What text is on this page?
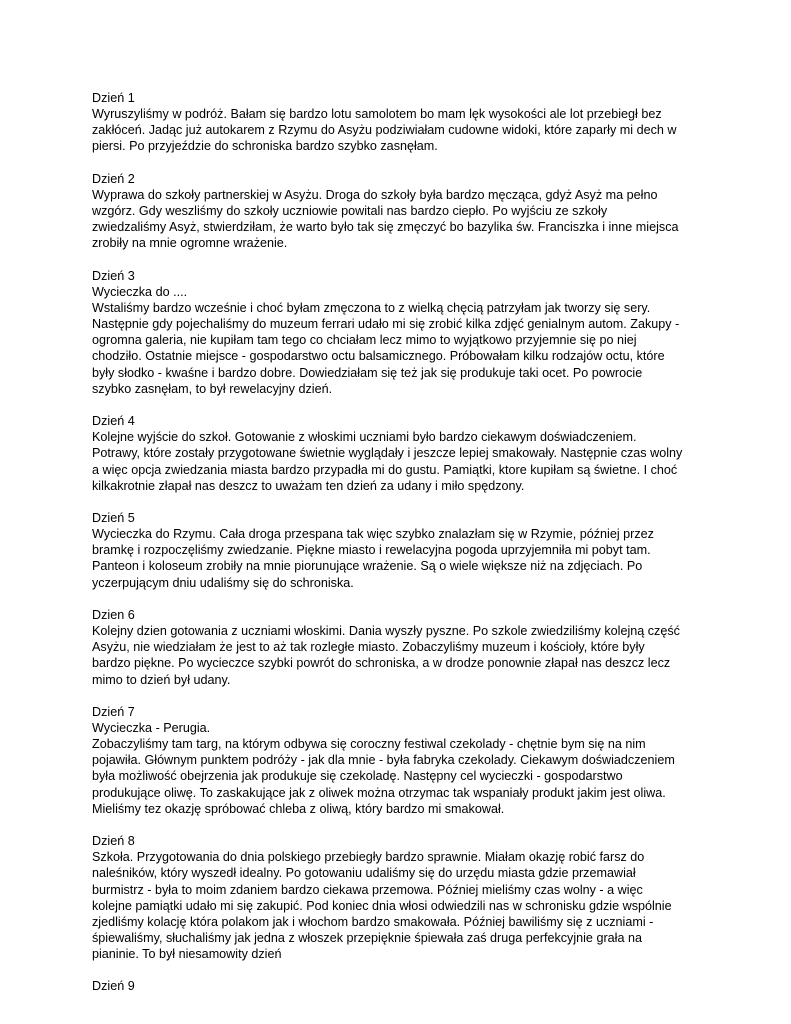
Dzień 1
Wyruszyliśmy w podróż. Bałam się bardzo lotu samolotem bo mam lęk wysokości ale lot przebiegł bez
zakłóceń. Jadąc już autokarem z Rzymu do Asyżu podziwiałam cudowne widoki, które zaparły mi dech w
piersi. Po przyjeździe do schroniska bardzo szybko zasnęłam.
Dzień 2
Wyprawa do szkoły partnerskiej w Asyżu. Droga do szkoły była bardzo męcząca, gdyż Asyż ma pełno
wzgórz. Gdy weszliśmy do szkoły uczniowie powitali nas bardzo ciepło. Po wyjściu ze szkoły
zwiedzaliśmy Asyż, stwierdziłam, że warto było tak się zmęczyć bo bazylika św. Franciszka i inne miejsca
zrobiły na mnie ogromne wrażenie.
Dzień 3
Wycieczka do ....
Wstaliśmy bardzo wcześnie i choć byłam zmęczona to z wielką chęcią patrzyłam jak tworzy się sery.
Następnie gdy pojechaliśmy do muzeum ferrari udało mi się zrobić kilka zdjęć genialnym autom. Zakupy -
ogromna galeria, nie kupiłam tam tego co chciałam lecz mimo to wyjątkowo przyjemnie się po niej
chodziło. Ostatnie miejsce - gospodarstwo octu balsamicznego. Próbowałam kilku rodzajów octu, które
były słodko - kwaśne i bardzo dobre. Dowiedziałam się też jak się produkuje taki ocet. Po powrocie
szybko zasnęłam, to był rewelacyjny dzień.
Dzień 4
Kolejne wyjście do szkoł. Gotowanie z włoskimi uczniami było bardzo ciekawym doświadczeniem.
Potrawy, które zostały przygotowane świetnie wyglądały i jeszcze lepiej smakowały. Następnie czas wolny
a więc opcja zwiedzania miasta bardzo przypadła mi do gustu. Pamiątki, ktore kupiłam są świetne. I choć
kilkakrotnie złapał nas deszcz to uważam ten dzień za udany i miło spędzony.
Dzień 5
Wycieczka do Rzymu. Cała droga przespana tak więc szybko znalazłam się w Rzymie, później przez
bramkę i rozpoczęliśmy zwiedzanie. Piękne miasto i rewelacyjna pogoda uprzyjemniła mi pobyt tam.
Panteon i koloseum zrobiły na mnie piorunujące wrażenie. Są o wiele większe niż na zdjęciach. Po
yczerpującym dniu udaliśmy się do schroniska.
Dzien 6
Kolejny dzien gotowania z uczniami włoskimi. Dania wyszły pyszne. Po szkole zwiedziliśmy kolejną część
Asyżu, nie wiedziałam że jest to aż tak rozległe miasto. Zobaczyliśmy muzeum i kościoły, które były
bardzo piękne. Po wycieczce szybki powrót do schroniska, a w drodze ponownie złapał nas deszcz lecz
mimo to dzień był udany.
Dzień 7
Wycieczka - Perugia.
Zobaczyliśmy tam targ, na którym odbywa się coroczny festiwal czekolady - chętnie bym się na nim
pojawiła. Głównym punktem podróży - jak dla mnie - była fabryka czekolady. Ciekawym doświadczeniem
była możliwość obejrzenia jak produkuje się czekoladę. Następny cel wycieczki - gospodarstwo
produkujące oliwę. To zaskakujące jak z oliwek można otrzymac tak wspaniały produkt jakim jest oliwa.
Mieliśmy tez okazję spróbować chleba z oliwą, który bardzo mi smakował.
Dzień 8
Szkoła. Przygotowania do dnia polskiego przebiegły bardzo sprawnie. Miałam okazję robić farsz do
naleśników, który wyszedł idealny. Po gotowaniu udaliśmy się do urzędu miasta gdzie przemawiał
burmistrz - była to moim zdaniem bardzo ciekawa przemowa. Później mieliśmy czas wolny - a więc
kolejne pamiątki udało mi się zakupić. Pod koniec dnia włosi odwiedzili nas w schronisku gdzie wspólnie
zjedliśmy kolację która polakom jak i włochom bardzo smakowała. Później bawiliśmy się z uczniami -
śpiewaliśmy, słuchaliśmy jak jedna z włoszek przepięknie śpiewała zaś druga perfekcyjnie grała na
pianinie. To był niesamowity dzień
Dzień 9
